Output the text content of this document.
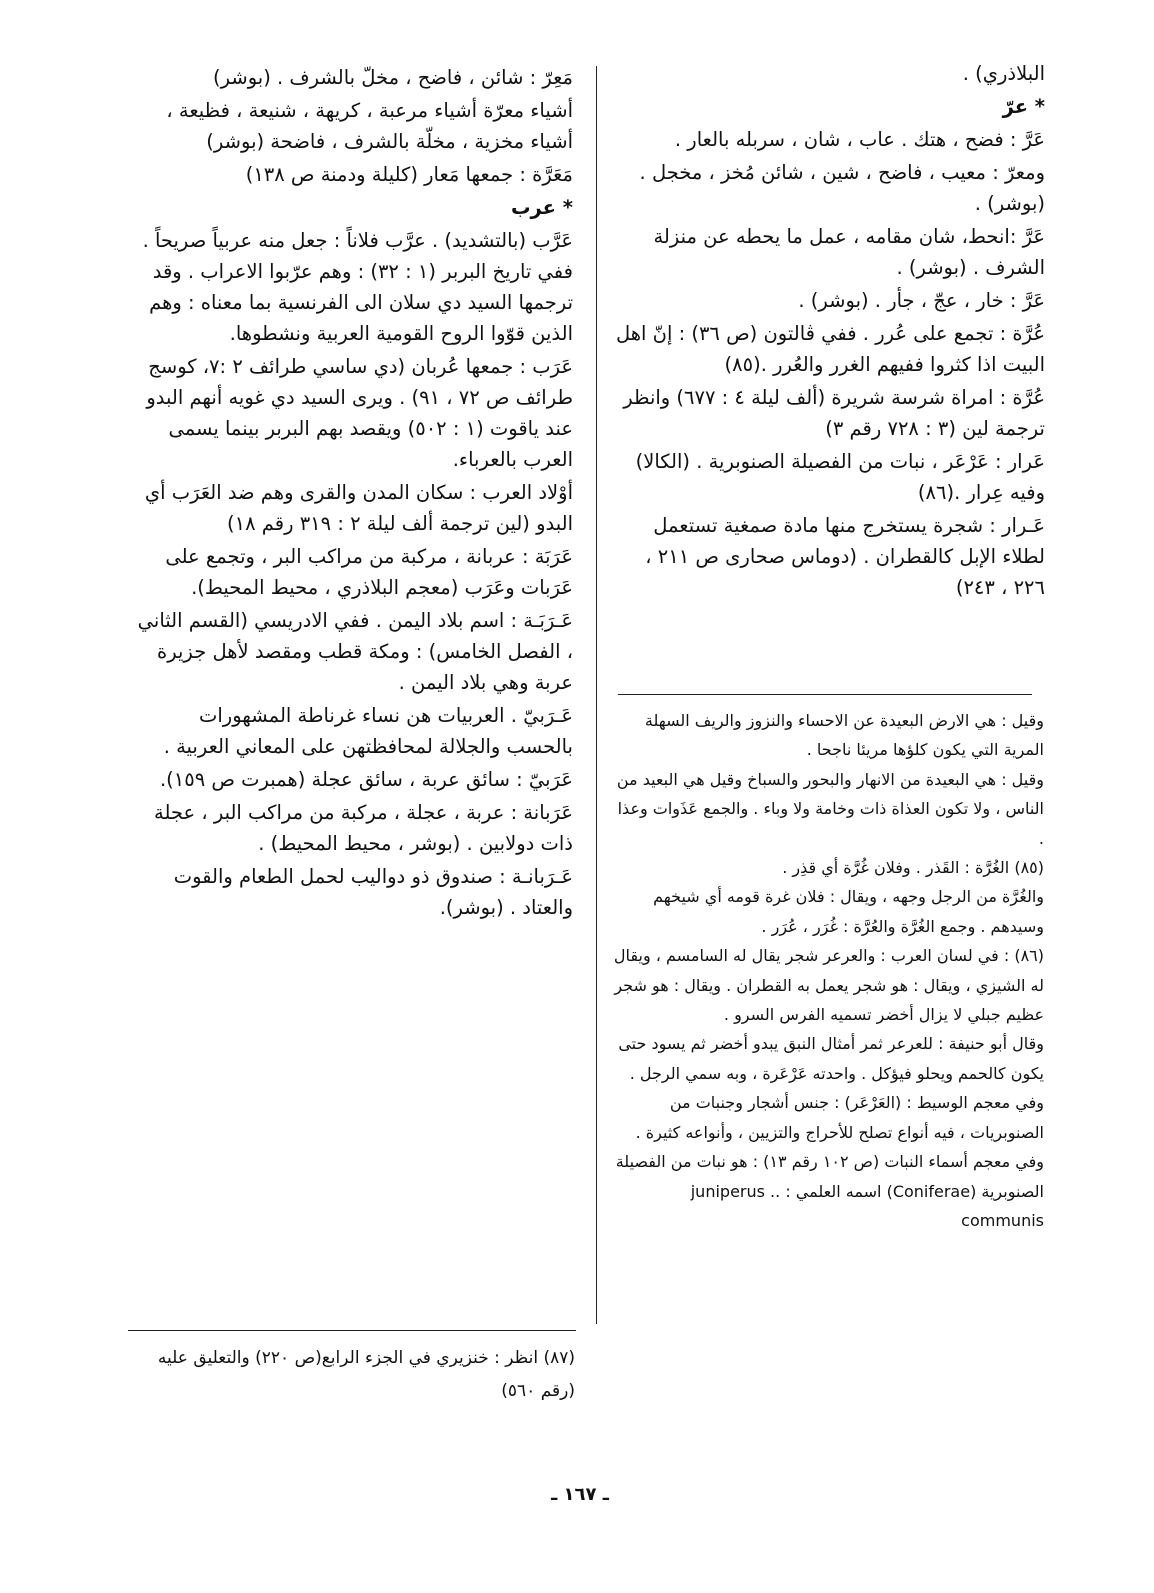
البلاذري) .

* عرّ

عَرَّ : فضح ، هتك . عاب ، شان ، سربله بالعار .

ومعرّ : معيب ، فاضح ، شين ، شائن مُخز ، مخجل . (بوشر) .

عَرَّ :انحط، شان مقامه ، عمل ما يحطه عن منزلة الشرف . (بوشر) .

عَرَّ : خار ، عجّ ، جأر . (بوشر) .

عُرَّة : تجمع على عُرر . ففي ڤالتون (ص ٣٦) : إنّ اهل البيت اذا كثروا ففيهم الغرر والعُرر .(٨٥)

عُرَّة : امراة شرسة شريرة (ألف ليلة ٤ : ٦٧٧) وانظر ترجمة لين (٣ : ٧٢٨ رقم ٣)

عَرار : عَرْعَر ، نبات من الفصيلة الصنوبرية . (الكالا) وفيه عِرار .(٨٦)

عَـرار : شجرة يستخرج منها مادة صمغية تستعمل لطلاء الإبل كالقطران . (دوماس صحارى ص ٢١١ ، ٢٢٦ ، ٢٤٣)

وقيل : هي الارض البعيدة عن الاحساء والنزوز والريف السهلة المرية التي يكون كلؤها مريئا ناجحا .

وقيل : هي البعيدة من الانهار والبحور والسباخ وقيل هي البعيد من الناس ، ولا تكون العذاة ذات وخامة ولا وباء . والجمع عَذَوات وعذا .

(٨٥) الغُرَّة : القَذر . وفلان غُرَّة أي قذِر .

والغُرَّة من الرجل وجهه ، ويقال : فلان غرة قومه أي شيخهم وسيدهم . وجمع الغُرَّة والعُرَّة : غُرَر ، عُرَر .

(٨٦) : في لسان العرب : والعرعر شجر يقال له السامسم ، ويقال له الشيزي ، ويقال : هو شجر يعمل به القطران . ويقال : هو شجر عظيم جبلي لا يزال أخضر تسميه الفرس السرو .

وقال أبو حنيفة : للعرعر ثمر أمثال النبق يبدو أخضر ثم يسود حتى يكون كالحمم ويحلو فيؤكل . واحدته عَرْعَرة ، وبه سمي الرجل .

وفي معجم الوسيط : (العَرْعَر) : جنس أشجار وجنبات من الصنوبريات ، فيه أنواع تصلح للأحراج والتزيين ، وأنواعه كثيرة .

وفي معجم أسماء النبات (ص ١٠٢ رقم ١٣) : هو نبات من الفصيلة الصنوبرية (Coniferae) اسمه العلمي : .. juniperus communis

مَعِرّ : شائن ، فاضح ، مخلّ بالشرف . (بوشر)

أشياء معرّة أشياء مرعبة ، كريهة ، شنيعة ، فظيعة ، أشياء مخزية ، مخلّة بالشرف ، فاضحة (بوشر)

مَعَرَّة : جمعها مَعار (كليلة ودمنة ص ١٣٨)

* عرب

عَرَّب (بالتشديد) . عرَّب فلاناً : جعل منه عربياً صريحاً . ففي تاريخ البربر (١ : ٣٢) : وهم عرّبوا الاعراب . وقد ترجمها السيد دي سلان الى الفرنسية بما معناه : وهم الذين قوّوا الروح القومية العربية ونشطوها.

عَرَب : جمعها عُربان (دي ساسي طرائف ٢ :٧، كوسج طرائف ص ٧٢ ، ٩١) . ويرى السيد دي غويه أنهم البدو عند ياقوت (١ : ٥٠٢) ويقصد بهم البربر بينما يسمى العرب بالعرباء.

أوْلاد العرب : سكان المدن والقرى وهم ضد العَرَب أي البدو (لين ترجمة ألف ليلة ٢ : ٣١٩ رقم ١٨)

عَرَبَة : عربانة ، مركبة من مراكب البر ، وتجمع على عَرَبات وعَرَب (معجم البلاذري ، محيط المحيط).

عَـرَبَـة : اسم بلاد اليمن . ففي الادريسي (القسم الثاني ، الفصل الخامس) : ومكة قطب ومقصد لأهل جزيرة عربة وهي بلاد اليمن .

عَـرَبيّ . العربيات هن نساء غرناطة المشهورات بالحسب والجلالة لمحافظتهن على المعاني العربية .

عَرَبيّ : سائق عربة ، سائق عجلة (همبرت ص ١٥٩).

عَرَبانة : عربة ، عجلة ، مركبة من مراكب البر ، عجلة ذات دولابين . (بوشر ، محيط المحيط) .

عَـرَبانـة : صندوق ذو دواليب لحمل الطعام والقوت والعتاد . (بوشر).

(٨٧) انظر : خنزيري في الجزء الرابع(ص ٢٢٠) والتعليق عليه (رقم ٥٦٠)

ـ ١٦٧ ـ
